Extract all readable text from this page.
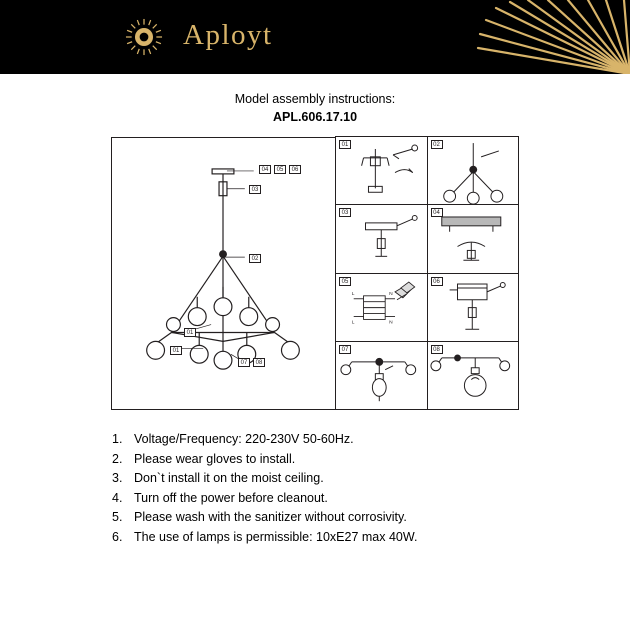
Aployt
Model assembly instructions:
APL.606.17.10
04	05	06
03
02
01
01
07	08
01	02
03	04
05
L
L
N
N
06
07	08
1. Voltage/Frequency: 220-230V 50-60Hz.
2. Please wear gloves to install.
3. Don`t install it on the moist ceiling.
4. Turn off the power before cleanout.
5. Please wash with the sanitizer without corrosivity.
6. The use of lamps is permissible: 10xE27 max 40W.
